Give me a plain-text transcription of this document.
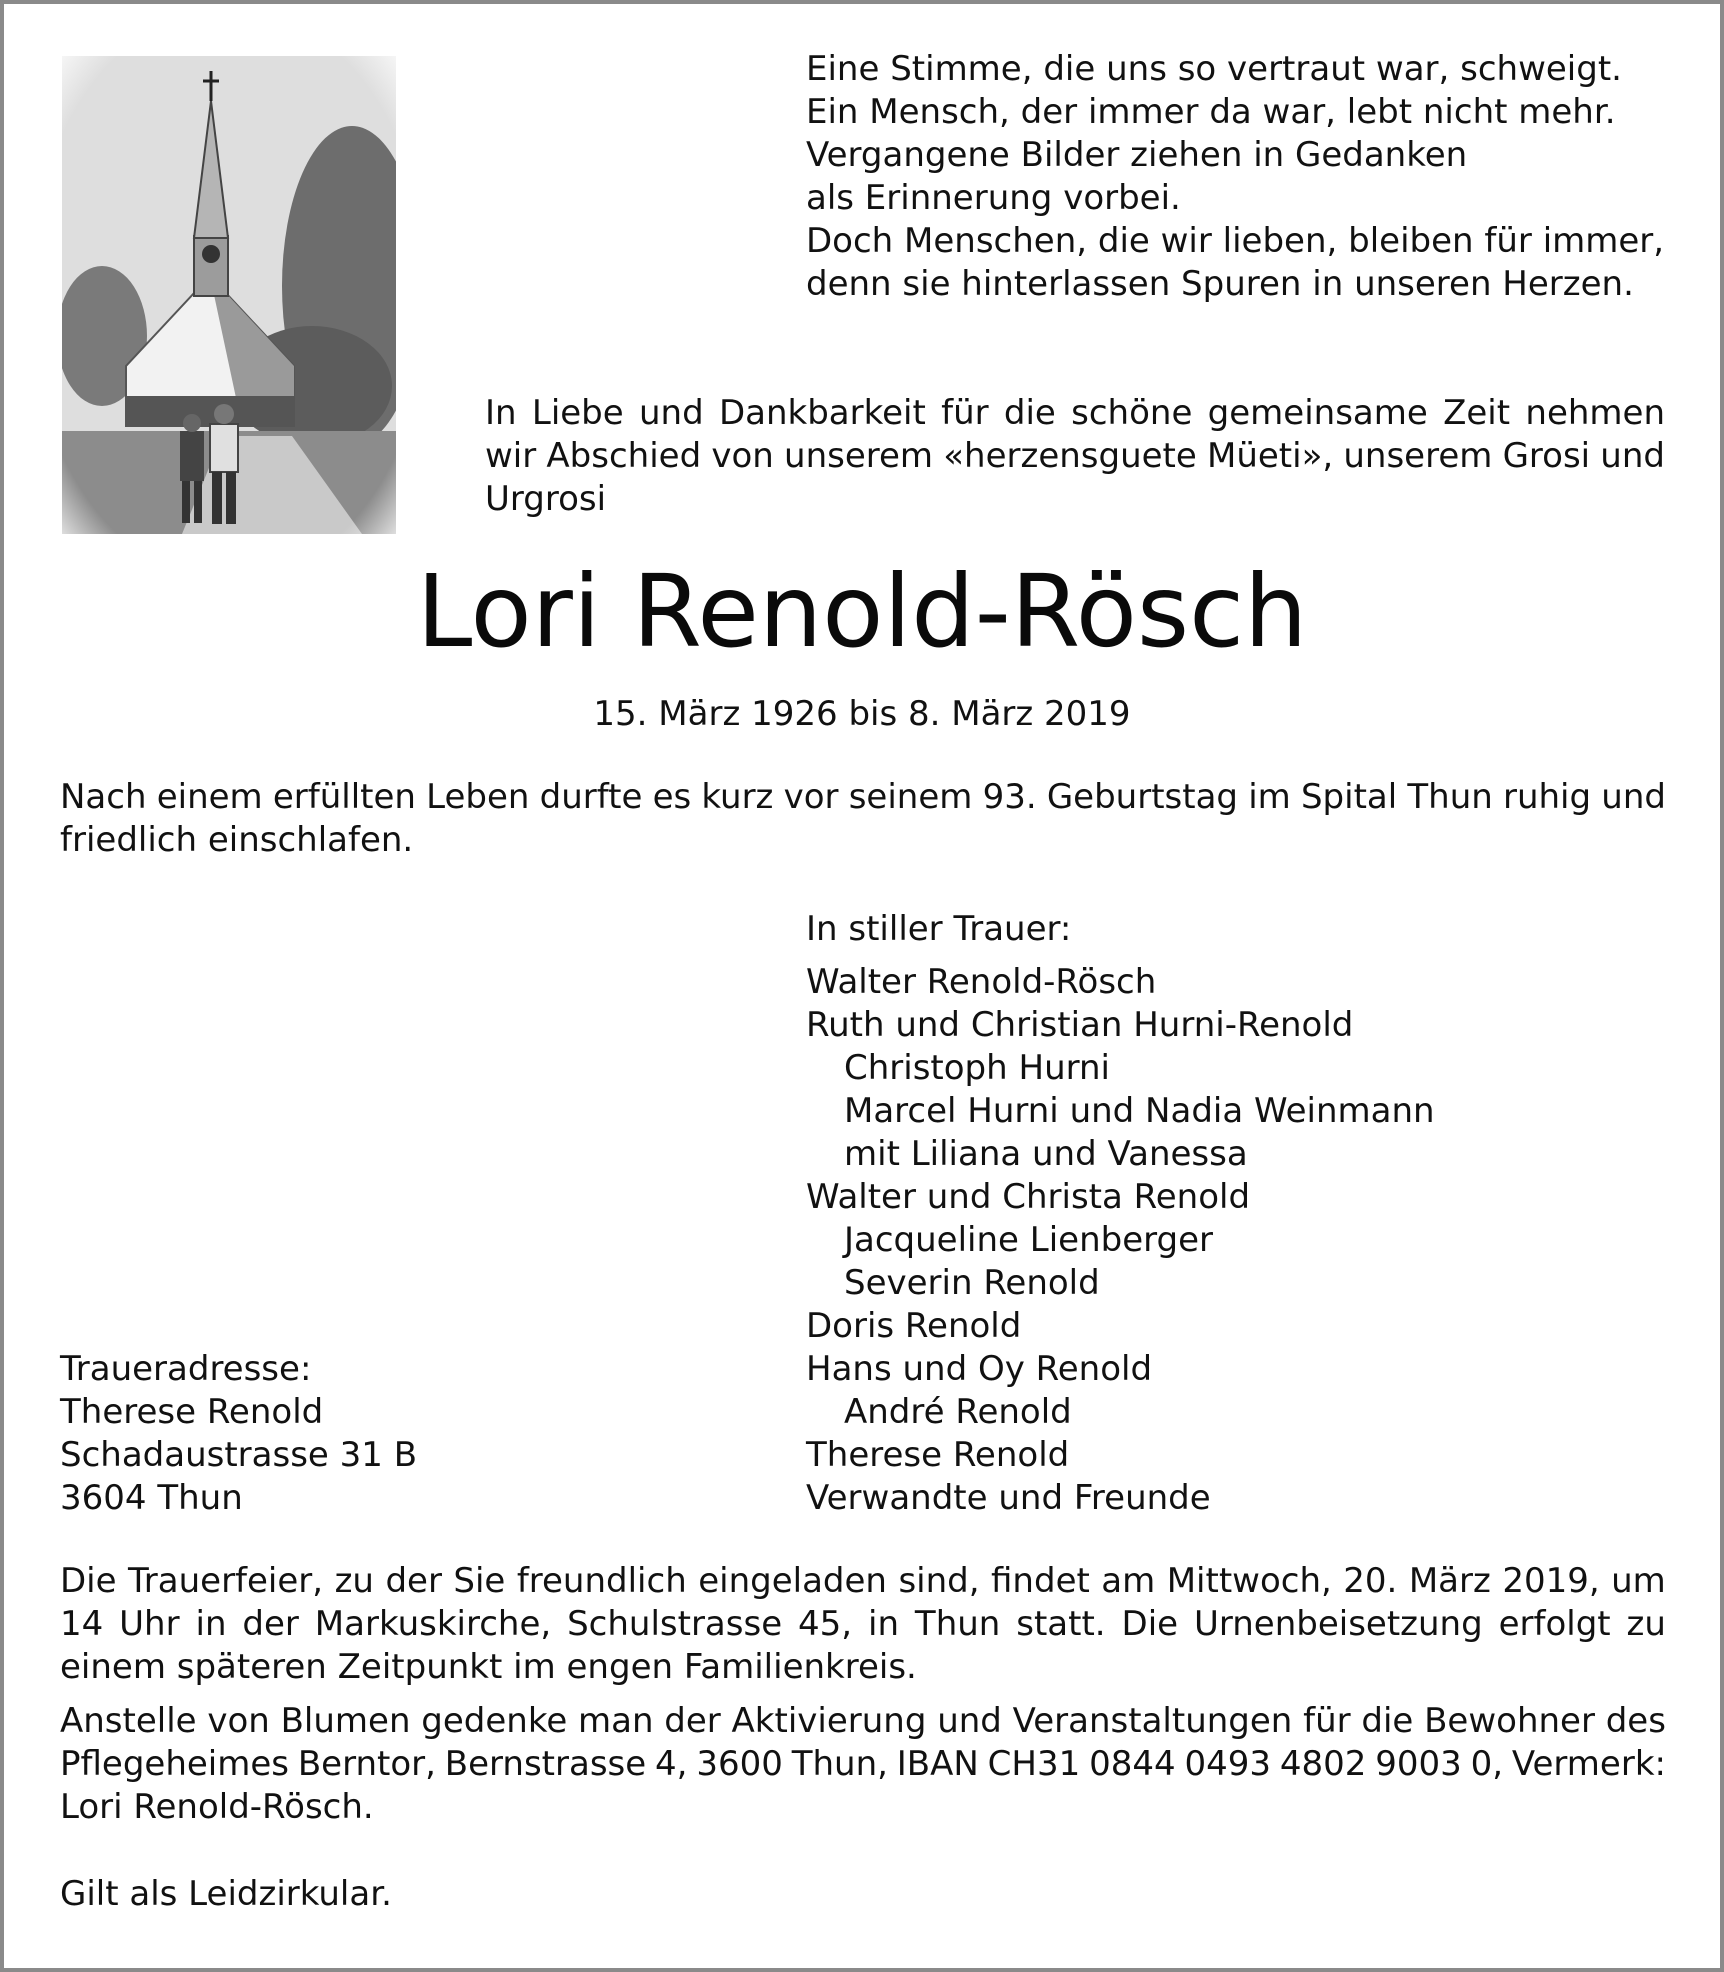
Eine Stimme, die uns so vertraut war, schweigt.
Ein Mensch, der immer da war, lebt nicht mehr.
Vergangene Bilder ziehen in Gedanken
als Erinnerung vorbei.
Doch Menschen, die wir lieben, bleiben für immer,
denn sie hinterlassen Spuren in unseren Herzen.
In Liebe und Dankbarkeit für die schöne gemeinsame Zeit nehmen
wir Abschied von unserem «herzensguete Müeti», unserem Grosi und
Urgrosi
Lori Renold-Rösch
15. März 1926 bis 8. März 2019
Nach einem erfüllten Leben durfte es kurz vor seinem 93. Geburtstag im Spital Thun ruhig und
friedlich einschlafen.
In stiller Trauer:
Walter Renold-Rösch
Ruth und Christian Hurni-Renold
Christoph Hurni
Marcel Hurni und Nadia Weinmann
mit Liliana und Vanessa
Walter und Christa Renold
Jacqueline Lienberger
Severin Renold
Doris Renold
Hans und Oy Renold
André Renold
Therese Renold
Verwandte und Freunde
Traueradresse:
Therese Renold
Schadaustrasse 31 B
3604 Thun
Die Trauerfeier, zu der Sie freundlich eingeladen sind, findet am Mittwoch, 20. März 2019, um
14 Uhr in der Markuskirche, Schulstrasse 45, in Thun statt. Die Urnenbeisetzung erfolgt zu
einem späteren Zeitpunkt im engen Familienkreis.
Anstelle von Blumen gedenke man der Aktivierung und Veranstaltungen für die Bewohner des
Pflegeheimes Berntor, Bernstrasse 4, 3600 Thun, IBAN CH31 0844 0493 4802 9003 0, Vermerk:
Lori Renold-Rösch.
Gilt als Leidzirkular.
